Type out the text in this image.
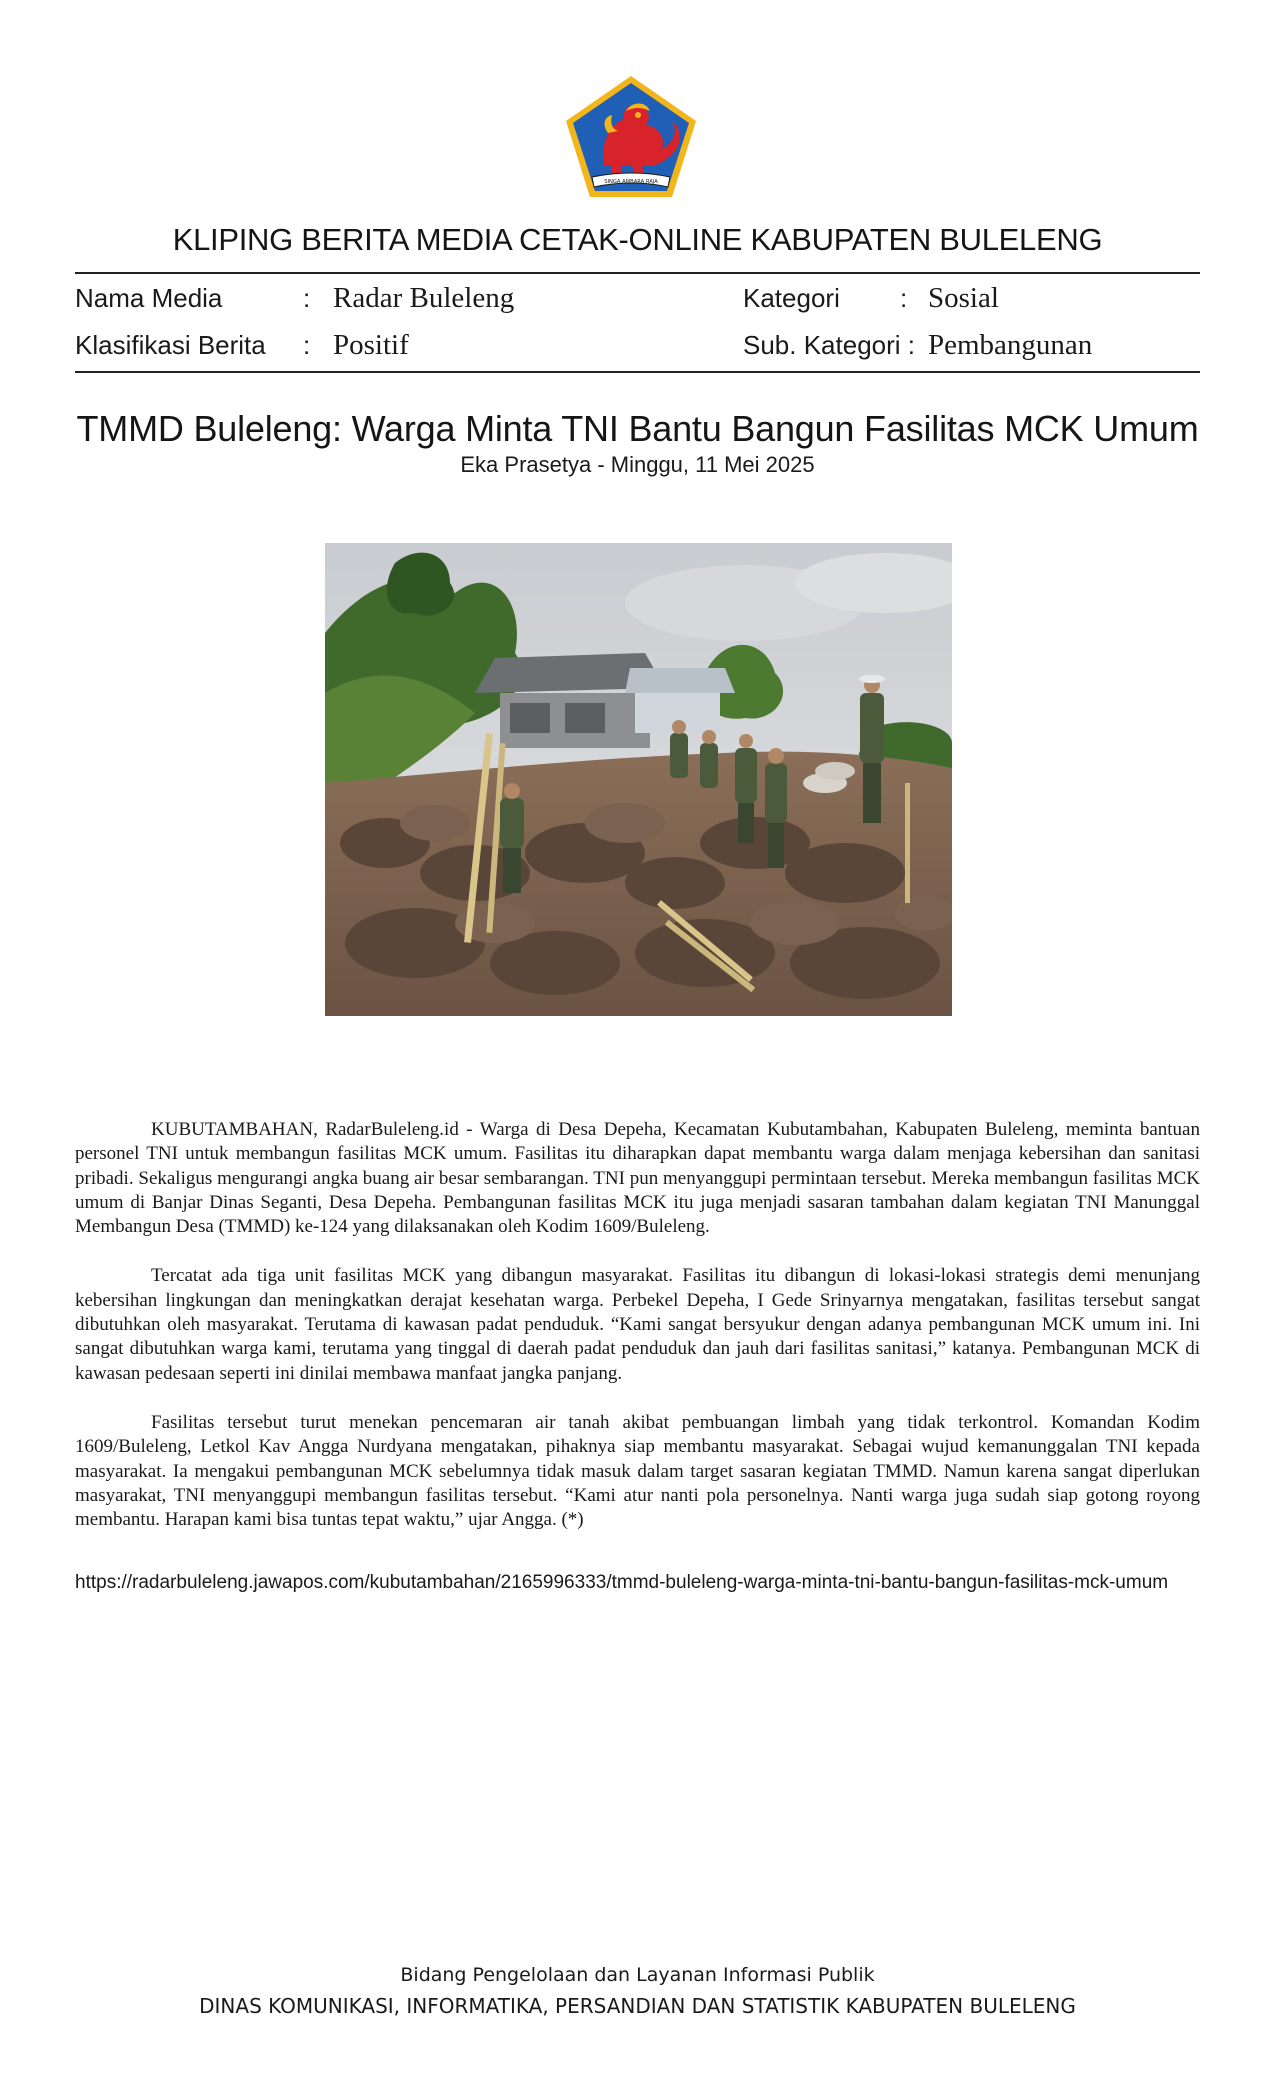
SINGA AMBARA RAJA
KLIPING BERITA MEDIA CETAK-ONLINE KABUPATEN BULELENG
Nama Media	: Radar Buleleng
Klasifikasi Berita : Positif
Kategori : Sosial
Sub. Kategori : Pembangunan
TMMD Buleleng: Warga Minta TNI Bantu Bangun Fasilitas MCK Umum
Eka Prasetya - Minggu, 11 Mei 2025

KUBUTAMBAHAN, RadarBuleleng.id - Warga di Desa Depeha, Kecamatan Kubutambahan, Kabupaten Buleleng, meminta bantuan personel TNI untuk membangun fasilitas MCK umum. Fasilitas itu diharapkan dapat membantu warga dalam menjaga kebersihan dan sanitasi pribadi. Sekaligus mengurangi angka buang air besar sembarangan. TNI pun menyanggupi permintaan tersebut. Mereka membangun fasilitas MCK umum di Banjar Dinas Seganti, Desa Depeha. Pembangunan fasilitas MCK itu juga menjadi sasaran tambahan dalam kegiatan TNI Manunggal Membangun Desa (TMMD) ke-124 yang dilaksanakan oleh Kodim 1609/Buleleng.

Tercatat ada tiga unit fasilitas MCK yang dibangun masyarakat. Fasilitas itu dibangun di lokasi-lokasi strategis demi menunjang kebersihan lingkungan dan meningkatkan derajat kesehatan warga. Perbekel Depeha, I Gede Srinyarnya mengatakan, fasilitas tersebut sangat dibutuhkan oleh masyarakat. Terutama di kawasan padat penduduk. “Kami sangat bersyukur dengan adanya pembangunan MCK umum ini. Ini sangat dibutuhkan warga kami, terutama yang tinggal di daerah padat penduduk dan jauh dari fasilitas sanitasi,” katanya. Pembangunan MCK di kawasan pedesaan seperti ini dinilai membawa manfaat jangka panjang.

Fasilitas tersebut turut menekan pencemaran air tanah akibat pembuangan limbah yang tidak terkontrol. Komandan Kodim 1609/Buleleng, Letkol Kav Angga Nurdyana mengatakan, pihaknya siap membantu masyarakat. Sebagai wujud kemanunggalan TNI kepada masyarakat. Ia mengakui pembangunan MCK sebelumnya tidak masuk dalam target sasaran kegiatan TMMD. Namun karena sangat diperlukan masyarakat, TNI menyanggupi membangun fasilitas tersebut. “Kami atur nanti pola personelnya. Nanti warga juga sudah siap gotong royong membantu. Harapan kami bisa tuntas tepat waktu,” ujar Angga. (*)

https://radarbuleleng.jawapos.com/kubutambahan/2165996333/tmmd-buleleng-warga-minta-tni-bantu-bangun-fasilitas-mck-umum
Bidang Pengelolaan dan Layanan Informasi Publik
DINAS KOMUNIKASI, INFORMATIKA, PERSANDIAN DAN STATISTIK KABUPATEN BULELENG
